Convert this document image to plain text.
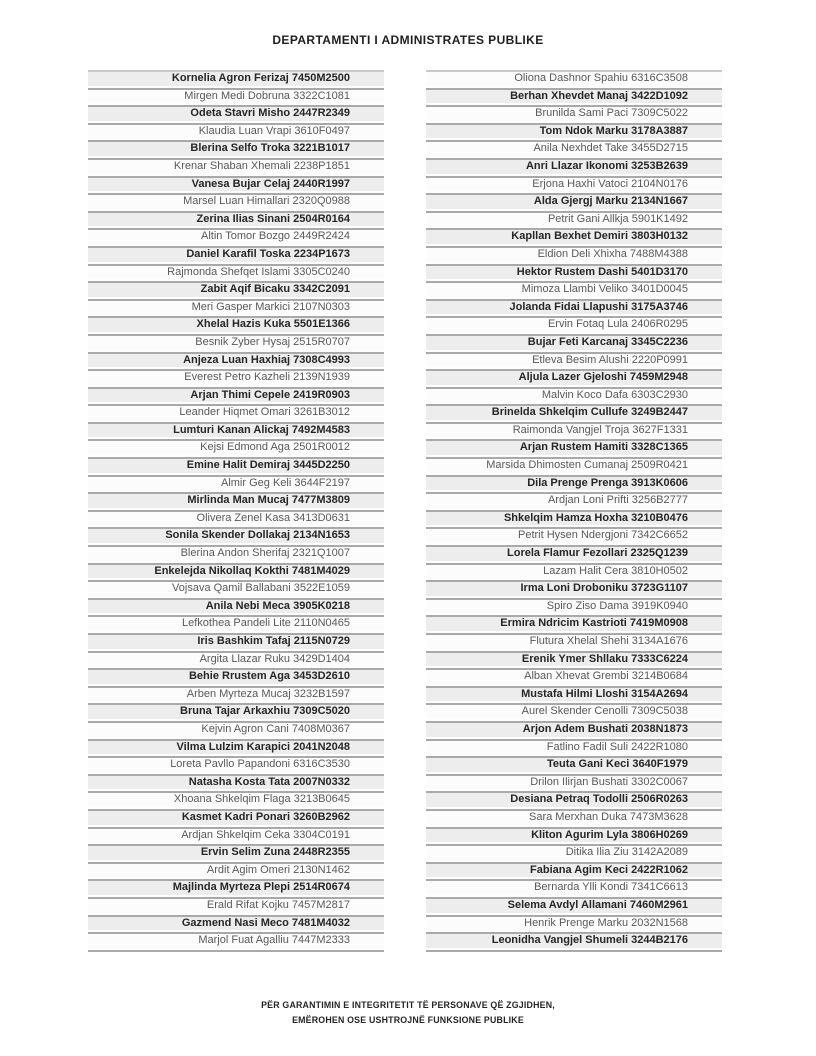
DEPARTAMENTI I ADMINISTRATES PUBLIKE
Kornelia Agron Ferizaj 7450M2500
Mirgen Medi Dobruna 3322C1081
Odeta Stavri Misho 2447R2349
Klaudia Luan Vrapi 3610F0497
Blerina Selfo Troka 3221B1017
Krenar Shaban Xhemali 2238P1851
Vanesa Bujar Celaj 2440R1997
Marsel Luan Himallari 2320Q0988
Zerina Ilias Sinani 2504R0164
Altin Tomor Bozgo 2449R2424
Daniel Karafil Toska 2234P1673
Rajmonda Shefqet Islami 3305C0240
Zabit Aqif Bicaku 3342C2091
Meri Gasper Markici 2107N0303
Xhelal Hazis Kuka 5501E1366
Besnik Zyber Hysaj 2515R0707
Anjeza Luan Haxhiaj 7308C4993
Everest Petro Kazheli 2139N1939
Arjan Thimi Cepele 2419R0903
Leander Hiqmet Omari 3261B3012
Lumturi Kanan Alickaj 7492M4583
Kejsi Edmond Aga 2501R0012
Emine Halit Demiraj 3445D2250
Almir Geg Keli 3644F2197
Mirlinda Man Mucaj 7477M3809
Olivera Zenel Kasa 3413D0631
Sonila Skender Dollakaj 2134N1653
Blerina Andon Sherifaj 2321Q1007
Enkelejda Nikollaq Kokthi 7481M4029
Vojsava Qamil Ballabani 3522E1059
Anila Nebi Meca 3905K0218
Lefkothea Pandeli Lite 2110N0465
Iris Bashkim Tafaj 2115N0729
Argita Llazar Ruku 3429D1404
Behie Rrustem Aga 3453D2610
Arben Myrteza Mucaj 3232B1597
Bruna Tajar Arkaxhiu 7309C5020
Kejvin Agron Cani 7408M0367
Vilma Lulzim Karapici 2041N2048
Loreta Pavllo Papandoni 6316C3530
Natasha Kosta Tata 2007N0332
Xhoana Shkelqim Flaga 3213B0645
Kasmet Kadri Ponari 3260B2962
Ardjan Shkelqim Ceka 3304C0191
Ervin Selim Zuna 2448R2355
Ardit Agim Omeri 2130N1462
Majlinda Myrteza Plepi 2514R0674
Erald Rifat Kojku 7457M2817
Gazmend Nasi Meco 7481M4032
Marjol Fuat Agalliu 7447M2333
Oliona Dashnor Spahiu 6316C3508
Berhan Xhevdet Manaj 3422D1092
Brunilda Sami Paci 7309C5022
Tom Ndok Marku 3178A3887
Anila Nexhdet Take 3455D2715
Anri Llazar Ikonomi 3253B2639
Erjona Haxhi Vatoci 2104N0176
Alda Gjergj Marku 2134N1667
Petrit Gani Allkja 5901K1492
Kapllan Bexhet Demiri 3803H0132
Eldion Deli Xhixha 7488M4388
Hektor Rustem Dashi 5401D3170
Mimoza Llambi Veliko 3401D0045
Jolanda Fidai Llapushi 3175A3746
Ervin Fotaq Lula 2406R0295
Bujar Feti Karcanaj 3345C2236
Etleva Besim Alushi 2220P0991
Aljula Lazer Gjeloshi 7459M2948
Malvin Koco Dafa 6303C2930
Brinelda Shkelqim Cullufe 3249B2447
Raimonda Vangjel Troja 3627F1331
Arjan Rustem Hamiti 3328C1365
Marsida Dhimosten Cumanaj 2509R0421
Dila Prenge Prenga 3913K0606
Ardjan Loni Prifti 3256B2777
Shkelqim Hamza Hoxha 3210B0476
Petrit Hysen Ndergjoni 7342C6652
Lorela Flamur Fezollari 2325Q1239
Lazam Halit Cera 3810H0502
Irma Loni Droboniku 3723G1107
Spiro Ziso Dama 3919K0940
Ermira Ndricim Kastrioti 7419M0908
Flutura Xhelal Shehi 3134A1676
Erenik Ymer Shllaku 7333C6224
Alban Xhevat Grembi 3214B0684
Mustafa Hilmi Lloshi 3154A2694
Aurel Skender Cenolli 7309C5038
Arjon Adem Bushati 2038N1873
Fatlino Fadil Suli 2422R1080
Teuta Gani Keci 3640F1979
Drilon Ilirjan Bushati 3302C0067
Desiana Petraq Todolli 2506R0263
Sara Merxhan Duka 7473M3628
Kliton Agurim Lyla 3806H0269
Ditika Ilia Ziu 3142A2089
Fabiana Agim Keci 2422R1062
Bernarda Ylli Kondi 7341C6613
Selema Avdyl Allamani 7460M2961
Henrik Prenge Marku 2032N1568
Leonidha Vangjel Shumeli 3244B2176
PËR GARANTIMIN E INTEGRITETIT TË PERSONAVE QË ZGJIDHEN,
EMËROHEN OSE USHTROJNË FUNKSIONE PUBLIKE
